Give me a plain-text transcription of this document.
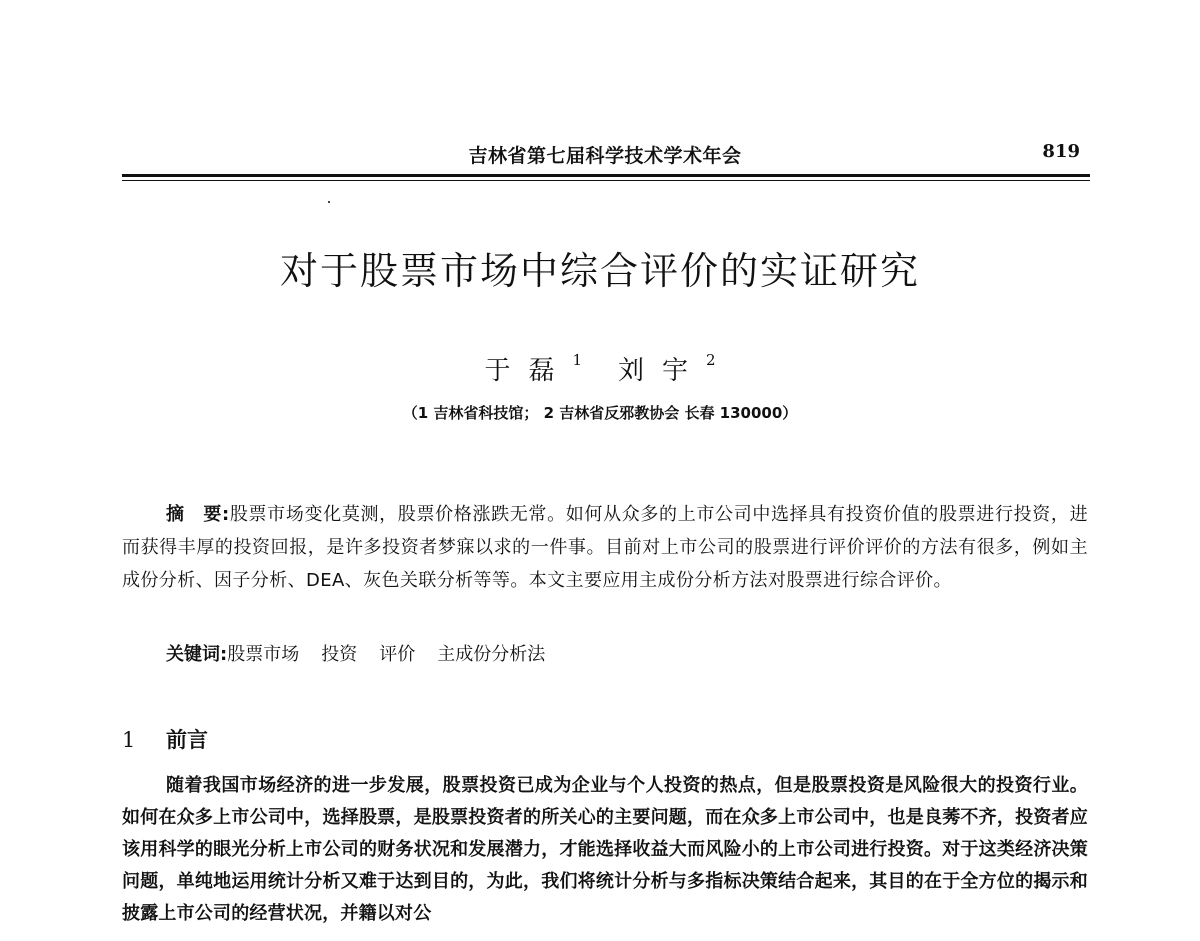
吉林省第七届科学技术学术年会	819
对于股票市场中综合评价的实证研究
于磊$^1$ 刘宇$^2$
（1 吉林省科技馆； 2 吉林省反邪教协会 长春 130000）
摘　要:股票市场变化莫测，股票价格涨跌无常。如何从众多的上市公司中选择具有投资价值的股票进行投资，进而获得丰厚的投资回报，是许多投资者梦寐以求的一件事。目前对上市公司的股票进行评价评价的方法有很多，例如主成份分析、因子分析、DEA、灰色关联分析等等。本文主要应用主成份分析方法对股票进行综合评价。
关键词:股票市场 投资 评价 主成份分析法
1 前言
随着我国市场经济的进一步发展，股票投资已成为企业与个人投资的热点，但是股票投资是风险很大的投资行业。如何在众多上市公司中，选择股票，是股票投资者的所关心的主要问题，而在众多上市公司中，也是良莠不齐，投资者应该用科学的眼光分析上市公司的财务状况和发展潜力，才能选择收益大而风险小的上市公司进行投资。对于这类经济决策问题，单纯地运用统计分析又难于达到目的，为此，我们将统计分析与多指标决策结合起来，其目的在于全方位的揭示和披露上市公司的经营状况，并籍以对公
